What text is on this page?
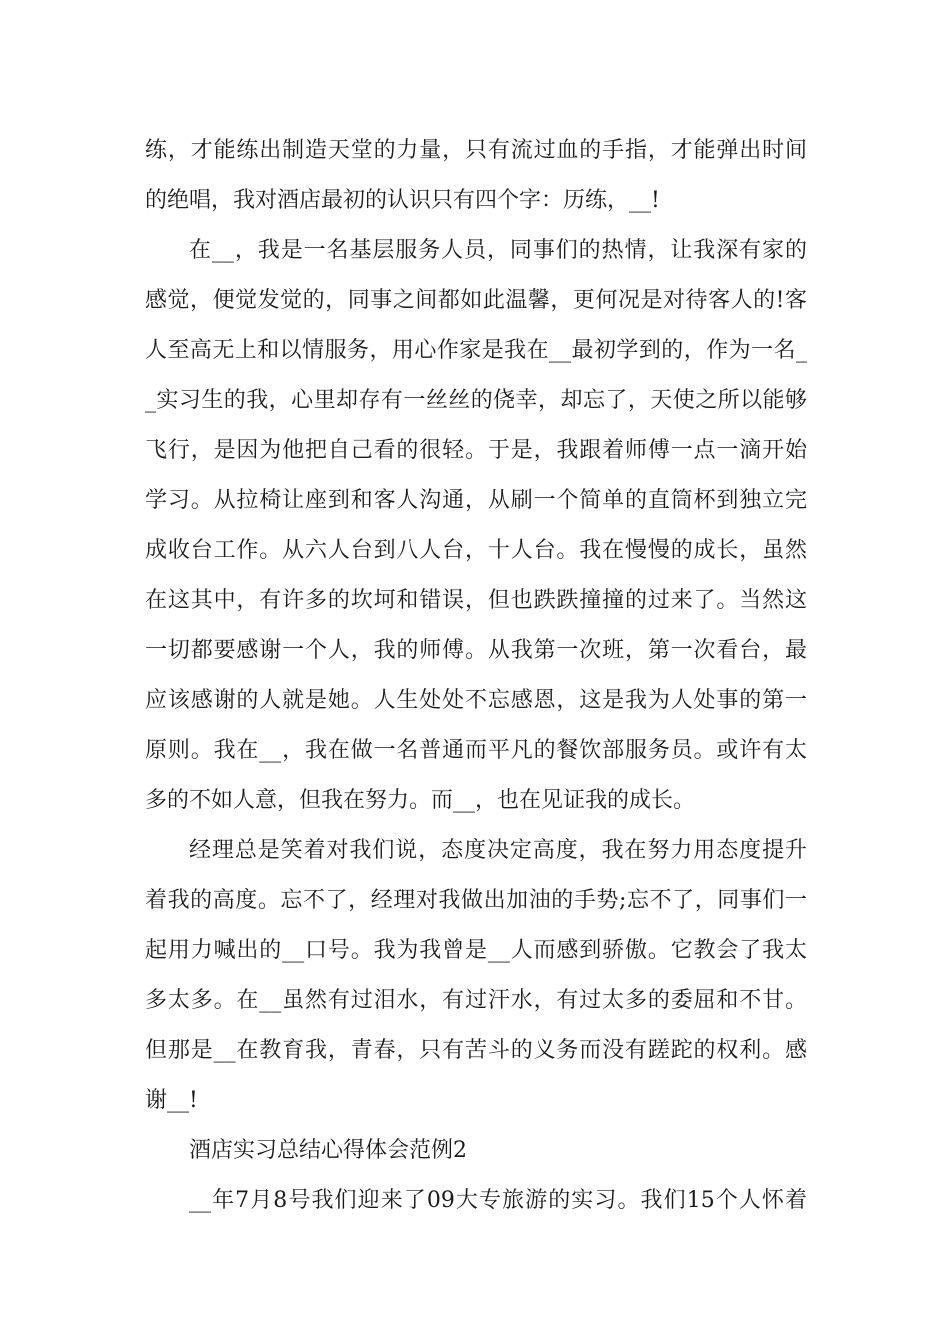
练，才能练出制造天堂的力量，只有流过血的手指，才能弹出时间
的绝唱，我对酒店最初的认识只有四个字：历练，__!
在__，我是一名基层服务人员，同事们的热情，让我深有家的
感觉，便觉发觉的，同事之间都如此温馨，更何况是对待客人的!客
人至高无上和以情服务，用心作家是我在__最初学到的，作为一名_
_实习生的我，心里却存有一丝丝的侥幸，却忘了，天使之所以能够
飞行，是因为他把自己看的很轻。于是，我跟着师傅一点一滴开始
学习。从拉椅让座到和客人沟通，从刷一个简单的直筒杯到独立完
成收台工作。从六人台到八人台，十人台。我在慢慢的成长，虽然
在这其中，有许多的坎坷和错误，但也跌跌撞撞的过来了。当然这
一切都要感谢一个人，我的师傅。从我第一次班，第一次看台，最
应该感谢的人就是她。人生处处不忘感恩，这是我为人处事的第一
原则。我在__，我在做一名普通而平凡的餐饮部服务员。或许有太
多的不如人意，但我在努力。而__，也在见证我的成长。
经理总是笑着对我们说，态度决定高度，我在努力用态度提升
着我的高度。忘不了，经理对我做出加油的手势;忘不了，同事们一
起用力喊出的__口号。我为我曾是__人而感到骄傲。它教会了我太
多太多。在__虽然有过泪水，有过汗水，有过太多的委屈和不甘。
但那是__在教育我，青春，只有苦斗的义务而没有蹉跎的权利。感
谢__!
酒店实习总结心得体会范例2
__年7月8号我们迎来了09大专旅游的实习。我们15个人怀着
